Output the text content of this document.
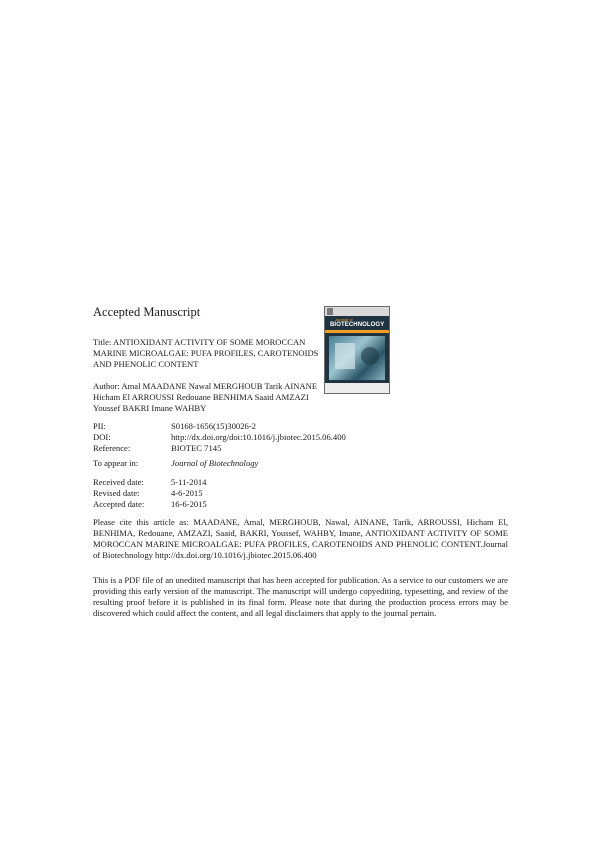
Accepted Manuscript
Title: ANTIOXIDANT ACTIVITY OF SOME MOROCCAN MARINE MICROALGAE: PUFA PROFILES, CAROTENOIDS AND PHENOLIC CONTENT
Author: Amal MAADANE Nawal MERGHOUB Tarik AINANE Hicham El ARROUSSI Redouane BENHIMA Saaid AMZAZI Youssef BAKRI Imane WAHBY
PII:	S0168-1656(15)30026-2
DOI:	http://dx.doi.org/doi:10.1016/j.jbiotec.2015.06.400
Reference:	BIOTEC 7145
To appear in:	Journal of Biotechnology
Received date:	5-11-2014
Revised date:	4-6-2015
Accepted date:	16-6-2015
Please cite this article as: MAADANE, Amal, MERGHOUB, Nawal, AINANE, Tarik, ARROUSSI, Hicham El, BENHIMA, Redouane, AMZAZI, Saaid, BAKRI, Youssef, WAHBY, Imane, ANTIOXIDANT ACTIVITY OF SOME MOROCCAN MARINE MICROALGAE: PUFA PROFILES, CAROTENOIDS AND PHENOLIC CONTENT.Journal of Biotechnology http://dx.doi.org/10.1016/j.jbiotec.2015.06.400
This is a PDF file of an unedited manuscript that has been accepted for publication. As a service to our customers we are providing this early version of the manuscript. The manuscript will undergo copyediting, typesetting, and review of the resulting proof before it is published in its final form. Please note that during the production process errors may be discovered which could affect the content, and all legal disclaimers that apply to the journal pertain.
Journal of
BIOTECHNOLOGY
